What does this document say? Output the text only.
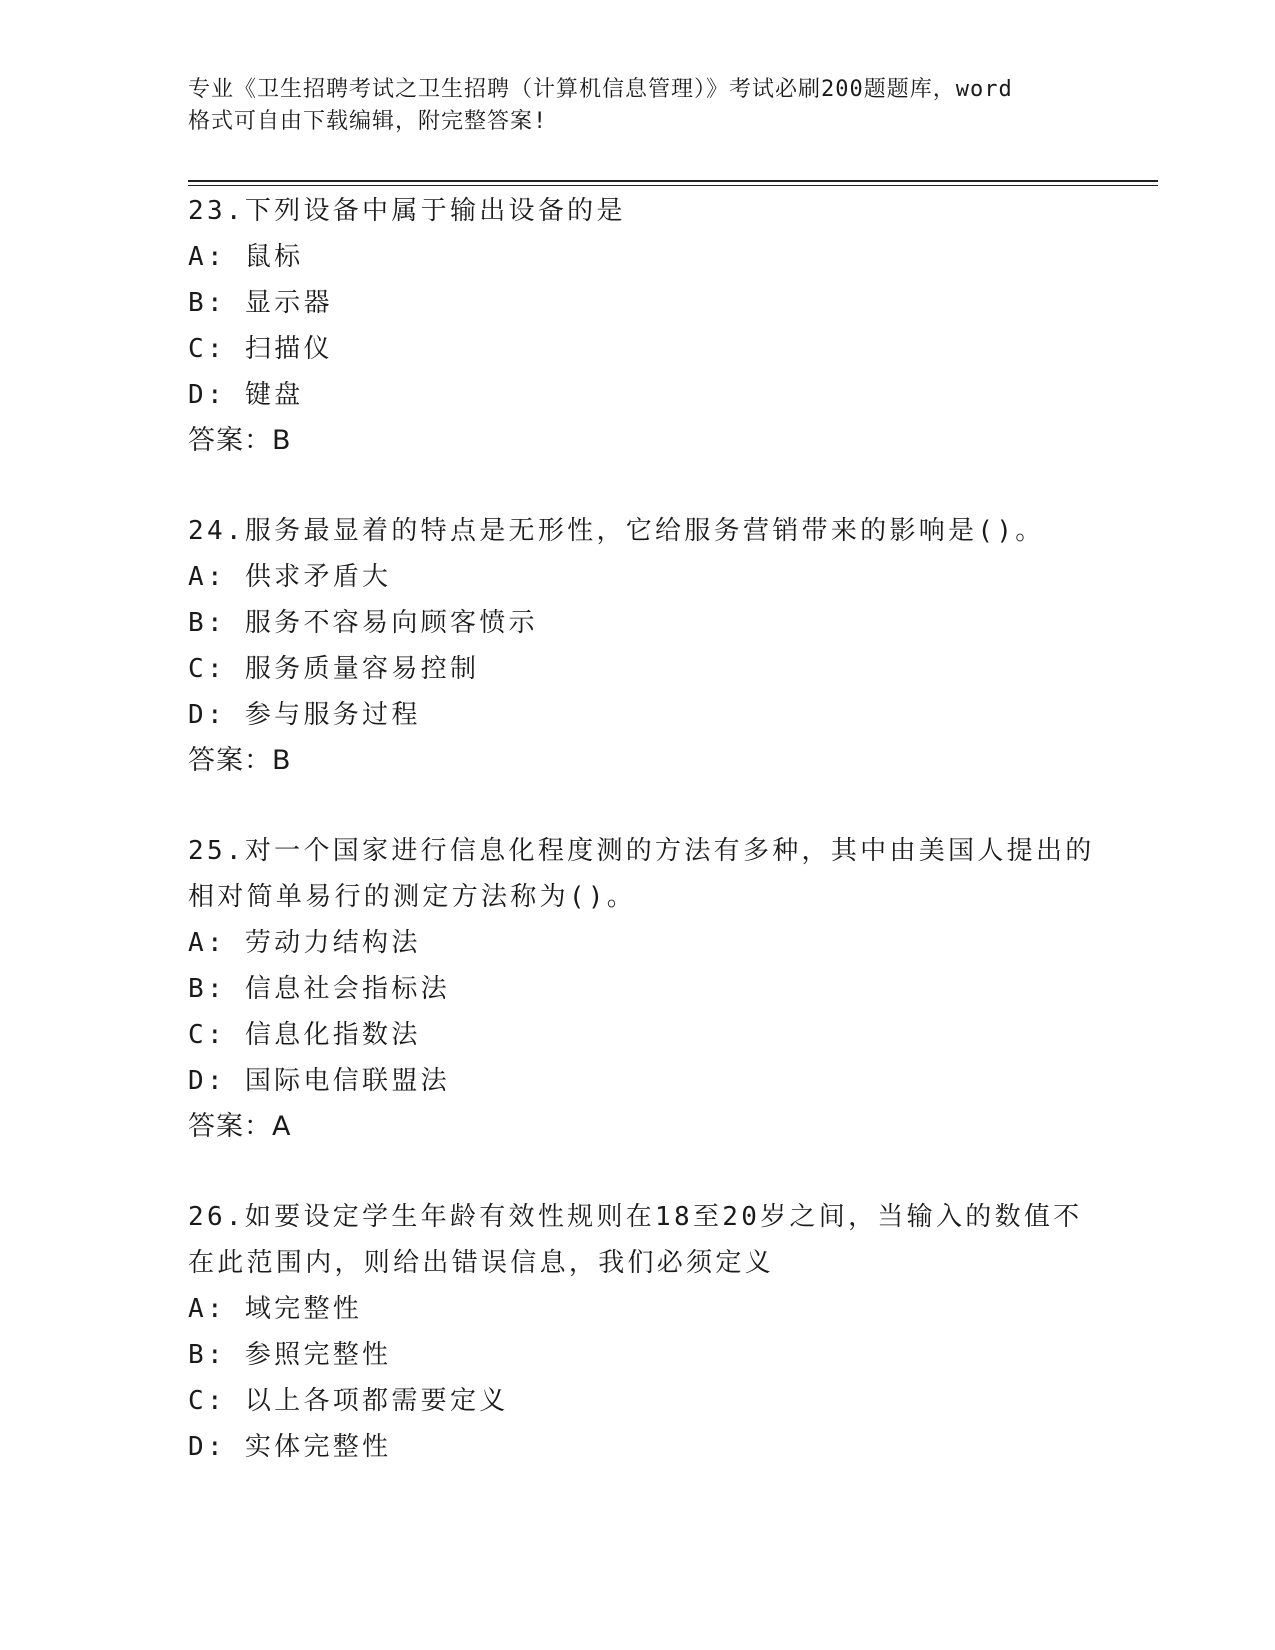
专业《卫生招聘考试之卫生招聘（计算机信息管理）》考试必刷200题题库，word
格式可自由下载编辑，附完整答案!
23.下列设备中属于输出设备的是
A: 鼠标
B: 显示器
C: 扫描仪
D: 键盘
答案：B
24.服务最显着的特点是无形性，它给服务营销带来的影响是()。
A: 供求矛盾大
B: 服务不容易向顾客愤示
C: 服务质量容易控制
D: 参与服务过程
答案：B
25.对一个国家进行信息化程度测的方法有多种，其中由美国人提出的
相对简单易行的测定方法称为()。
A: 劳动力结构法
B: 信息社会指标法
C: 信息化指数法
D: 国际电信联盟法
答案：A
26.如要设定学生年龄有效性规则在18至20岁之间，当输入的数值不
在此范围内，则给出错误信息，我们必须定义
A: 域完整性
B: 参照完整性
C: 以上各项都需要定义
D: 实体完整性
